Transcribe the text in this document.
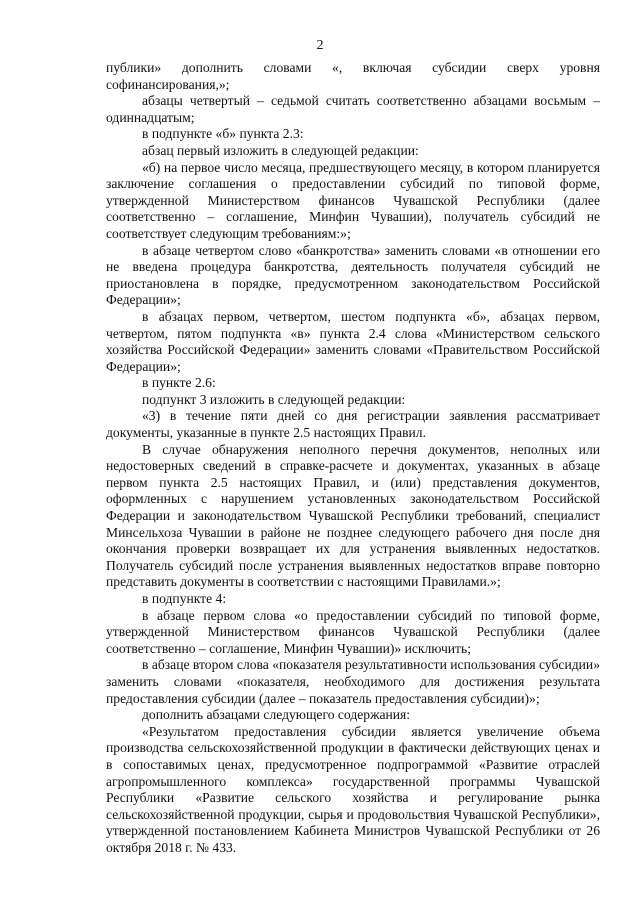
2

публики» дополнить словами «, включая субсидии сверх уровня софинансирования,»;

абзацы четвертый – седьмой считать соответственно абзацами восьмым – одиннадцатым;

в подпункте «б» пункта 2.3:

абзац первый изложить в следующей редакции:

«б) на первое число месяца, предшествующего месяцу, в котором планируется заключение соглашения о предоставлении субсидий по типовой форме, утвержденной Министерством финансов Чувашской Республики (далее соответственно – соглашение, Минфин Чувашии), получатель субсидий не соответствует следующим требованиям:»;

в абзаце четвертом слово «банкротства» заменить словами «в отношении его не введена процедура банкротства, деятельность получателя субсидий не приостановлена в порядке, предусмотренном законодательством Российской Федерации»;

в абзацах первом, четвертом, шестом подпункта «б», абзацах первом, четвертом, пятом подпункта «в» пункта 2.4 слова «Министерством сельского хозяйства Российской Федерации» заменить словами «Правительством Российской Федерации»;

в пункте 2.6:

подпункт 3 изложить в следующей редакции:

«3) в течение пяти дней со дня регистрации заявления рассматривает документы, указанные в пункте 2.5 настоящих Правил.

В случае обнаружения неполного перечня документов, неполных или недостоверных сведений в справке-расчете и документах, указанных в абзаце первом пункта 2.5 настоящих Правил, и (или) представления документов, оформленных с нарушением установленных законодательством Российской Федерации и законодательством Чувашской Республики требований, специалист Минсельхоза Чувашии в районе не позднее следующего рабочего дня после дня окончания проверки возвращает их для устранения выявленных недостатков. Получатель субсидий после устранения выявленных недостатков вправе повторно представить документы в соответствии с настоящими Правилами.»;

в подпункте 4:

в абзаце первом слова «о предоставлении субсидий по типовой форме, утвержденной Министерством финансов Чувашской Республики (далее соответственно – соглашение, Минфин Чувашии)» исключить;

в абзаце втором слова «показателя результативности использования субсидии» заменить словами «показателя, необходимого для достижения результата предоставления субсидии (далее – показатель предоставления субсидии)»;

дополнить абзацами следующего содержания:

«Результатом предоставления субсидии является увеличение объема производства сельскохозяйственной продукции в фактически действующих ценах и в сопоставимых ценах, предусмотренное подпрограммой «Развитие отраслей агропромышленного комплекса» государственной программы Чувашской Республики «Развитие сельского хозяйства и регулирование рынка сельскохозяйственной продукции, сырья и продовольствия Чувашской Республики», утвержденной постановлением Кабинета Министров Чувашской Республики от 26 октября 2018 г. № 433.
